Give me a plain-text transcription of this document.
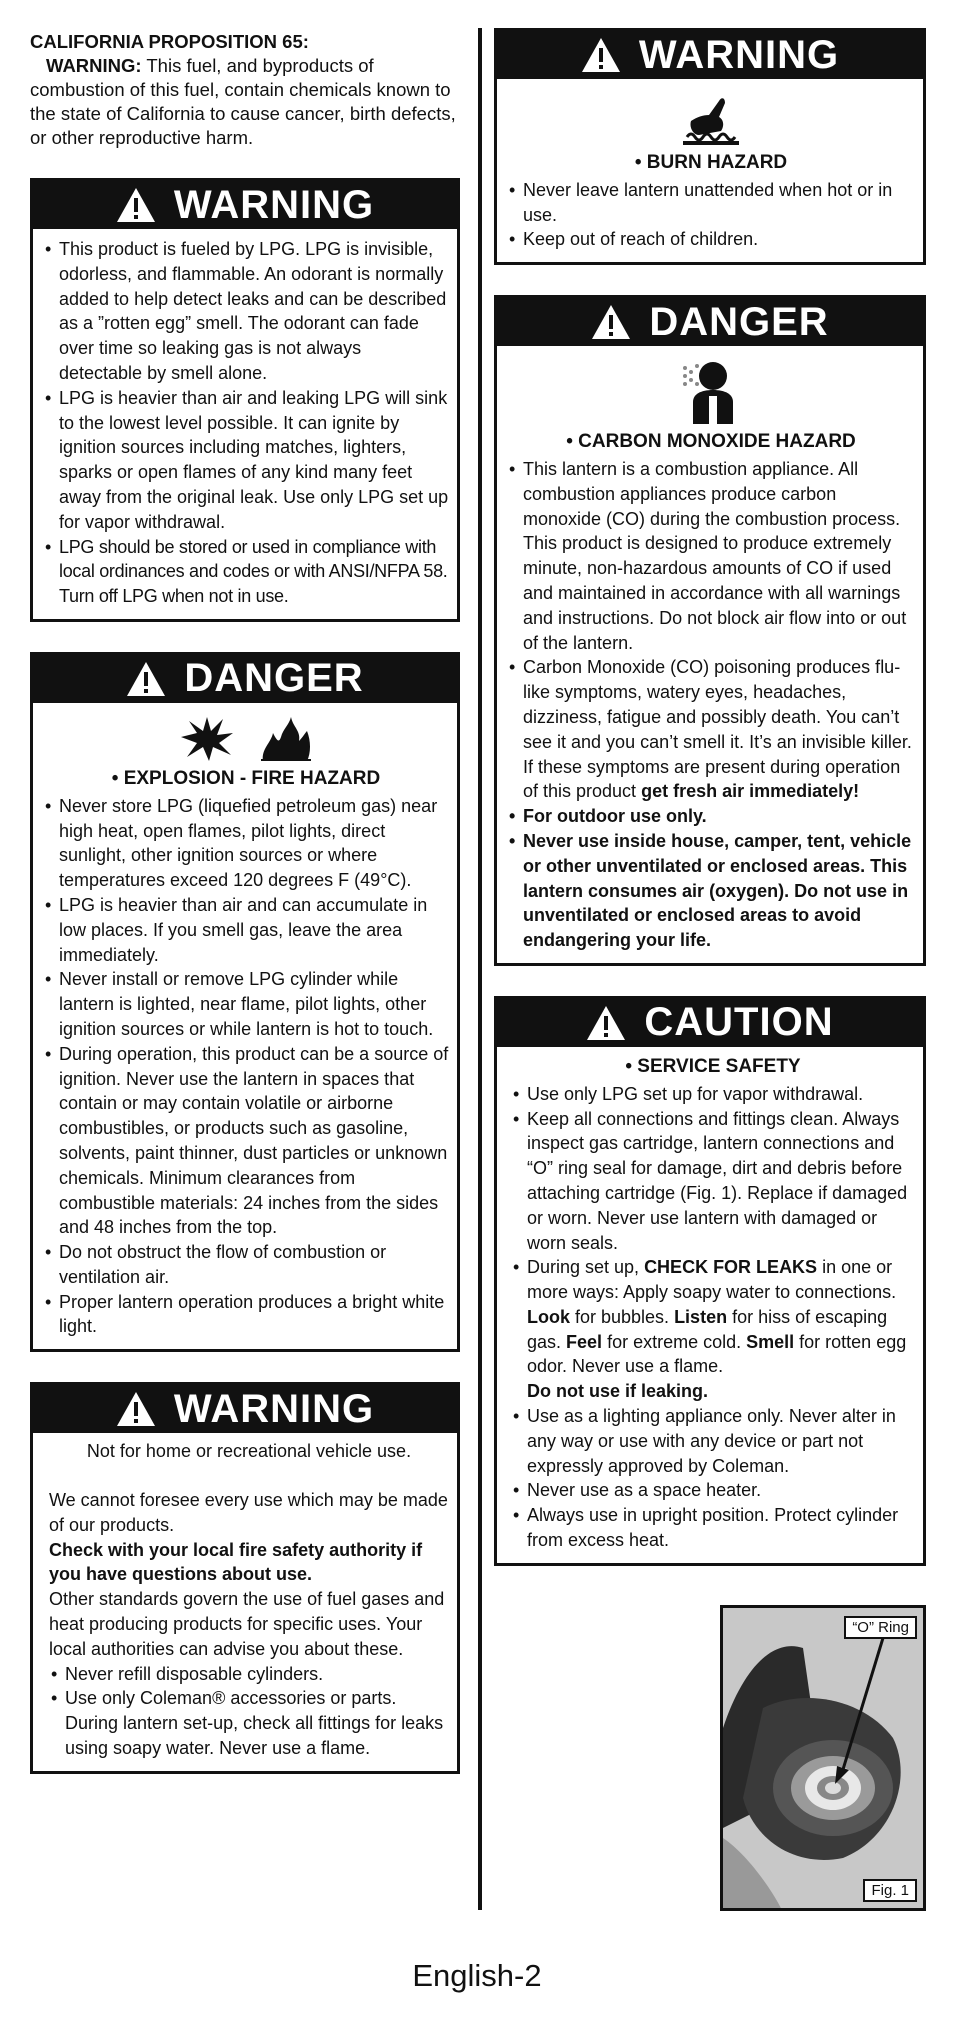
CALIFORNIA PROPOSITION 65:
WARNING: This fuel, and byproducts of combustion of this fuel, contain chemicals known to the state of California to cause cancer, birth defects, or other reproductive harm.

WARNING
• This product is fueled by LPG. LPG is invisible, odorless, and flammable. An odorant is normally added to help detect leaks and can be described as a ”rotten egg” smell. The odorant can fade over time so leaking gas is not always detectable by smell alone.
• LPG is heavier than air and leaking LPG will sink to the lowest level possible. It can ignite by ignition sources including matches, lighters, sparks or open flames of any kind many feet away from the original leak. Use only LPG set up for vapor withdrawal.
• LPG should be stored or used in compliance with local ordinances and codes or with ANSI/NFPA 58. Turn off LPG when not in use.
DANGER
• EXPLOSION - FIRE HAZARD
• Never store LPG (liquefied petroleum gas) near high heat, open flames, pilot lights, direct sunlight, other ignition sources or where temperatures exceed 120 degrees F (49°C).
• LPG is heavier than air and can accumulate in low places. If you smell gas, leave the area immediately.
• Never install or remove LPG cylinder while lantern is lighted, near flame, pilot lights, other ignition sources or while lantern is hot to touch.
• During operation, this product can be a source of ignition. Never use the lantern in spaces that contain or may contain volatile or airborne combustibles, or products such as gasoline, solvents, paint thinner, dust particles or unknown chemicals. Minimum clearances from combustible materials: 24 inches from the sides and 48 inches from the top.
• Do not obstruct the flow of combustion or ventilation air.
• Proper lantern operation produces a bright white light.
WARNING
Not for home or recreational vehicle use.
We cannot foresee every use which may be made of our products.
Check with your local fire safety authority if you have questions about use.
Other standards govern the use of fuel gases and heat producing products for specific uses. Your local authorities can advise you about these.
• Never refill disposable cylinders.
• Use only Coleman® accessories or parts. During lantern set-up, check all fittings for leaks using soapy water. Never use a flame.
WARNING
• BURN HAZARD
• Never leave lantern unattended when hot or in use.
• Keep out of reach of children.
DANGER
• CARBON MONOXIDE HAZARD
• This lantern is a combustion appliance. All combustion appliances produce carbon monoxide (CO) during the combustion process. This product is designed to produce extremely minute, non-hazardous amounts of CO if used and maintained in accordance with all warnings and instructions. Do not block air flow into or out of the lantern.
• Carbon Monoxide (CO) poisoning produces flu-like symptoms, watery eyes, headaches, dizziness, fatigue and possibly death. You can’t see it and you can’t smell it. It’s an invisible killer. If these symptoms are present during operation of this product get fresh air immediately!
• For outdoor use only.
• Never use inside house, camper, tent, vehicle or other unventilated or enclosed areas. This lantern consumes air (oxygen). Do not use in unventilated or enclosed areas to avoid endangering your life.
CAUTION
• SERVICE SAFETY
• Use only LPG set up for vapor withdrawal.
• Keep all connections and fittings clean. Always inspect gas cartridge, lantern connections and “O” ring seal for damage, dirt and debris before attaching cartridge (Fig. 1). Replace if damaged or worn. Never use lantern with damaged or worn seals.
• During set up, CHECK FOR LEAKS in one or more ways: Apply soapy water to connections. Look for bubbles. Listen for hiss of escaping gas. Feel for extreme cold. Smell for rotten egg odor. Never use a flame.
Do not use if leaking.
• Use as a lighting appliance only. Never alter in any way or use with any device or part not expressly approved by Coleman.
• Never use as a space heater.
• Always use in upright position. Protect cylinder from excess heat.
“O” Ring
Fig. 1
English-2
